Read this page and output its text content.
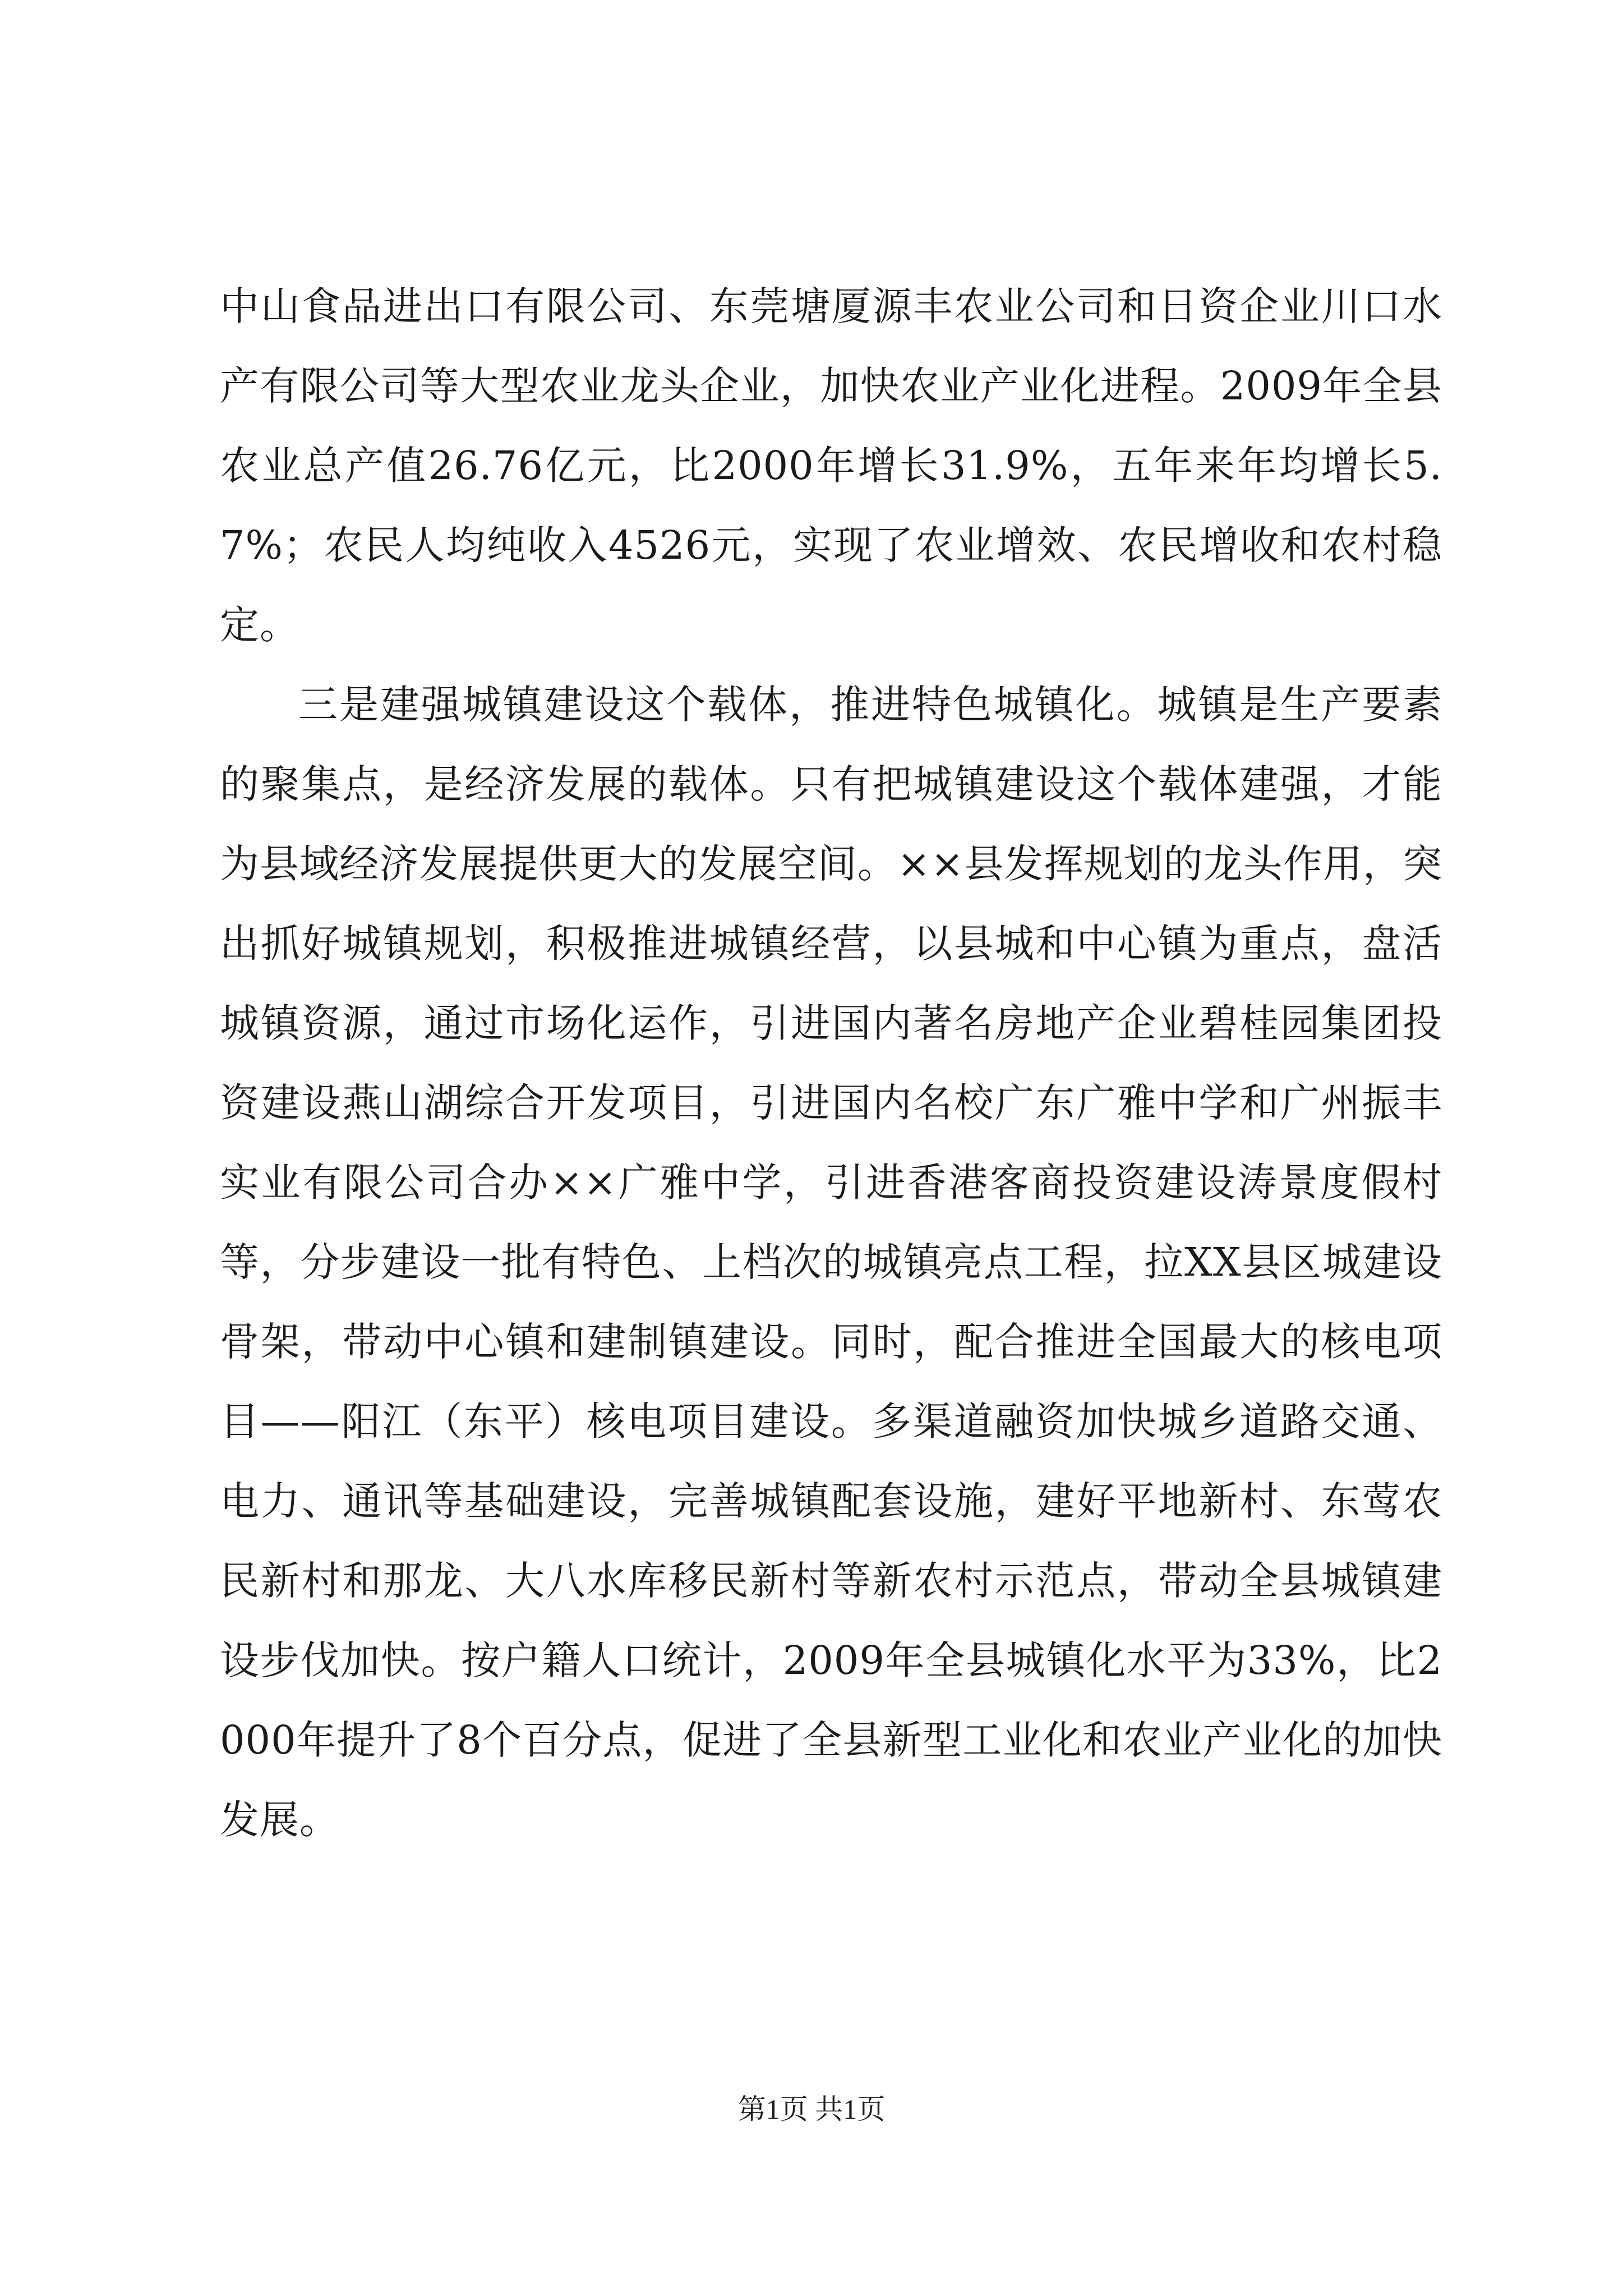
中山食品进出口有限公司、东莞塘厦源丰农业公司和日资企业川口水产有限公司等大型农业龙头企业，加快农业产业化进程。2009年全县农业总产值26.76亿元，比2000年增长31.9%，五年来年均增长5.7%；农民人均纯收入4526元，实现了农业增效、农民增收和农村稳定。

三是建强城镇建设这个载体，推进特色城镇化。城镇是生产要素的聚集点，是经济发展的载体。只有把城镇建设这个载体建强，才能为县域经济发展提供更大的发展空间。××县发挥规划的龙头作用，突出抓好城镇规划，积极推进城镇经营，以县城和中心镇为重点，盘活城镇资源，通过市场化运作，引进国内著名房地产企业碧桂园集团投资建设燕山湖综合开发项目，引进国内名校广东广雅中学和广州振丰实业有限公司合办××广雅中学，引进香港客商投资建设涛景度假村等，分步建设一批有特色、上档次的城镇亮点工程，拉XX县区城建设骨架，带动中心镇和建制镇建设。同时，配合推进全国最大的核电项目——阳江（东平）核电项目建设。多渠道融资加快城乡道路交通、电力、通讯等基础建设，完善城镇配套设施，建好平地新村、东莺农民新村和那龙、大八水库移民新村等新农村示范点，带动全县城镇建设步伐加快。按户籍人口统计，2009年全县城镇化水平为33%，比2000年提升了8个百分点，促进了全县新型工业化和农业产业化的加快发展。

第1页 共1页
